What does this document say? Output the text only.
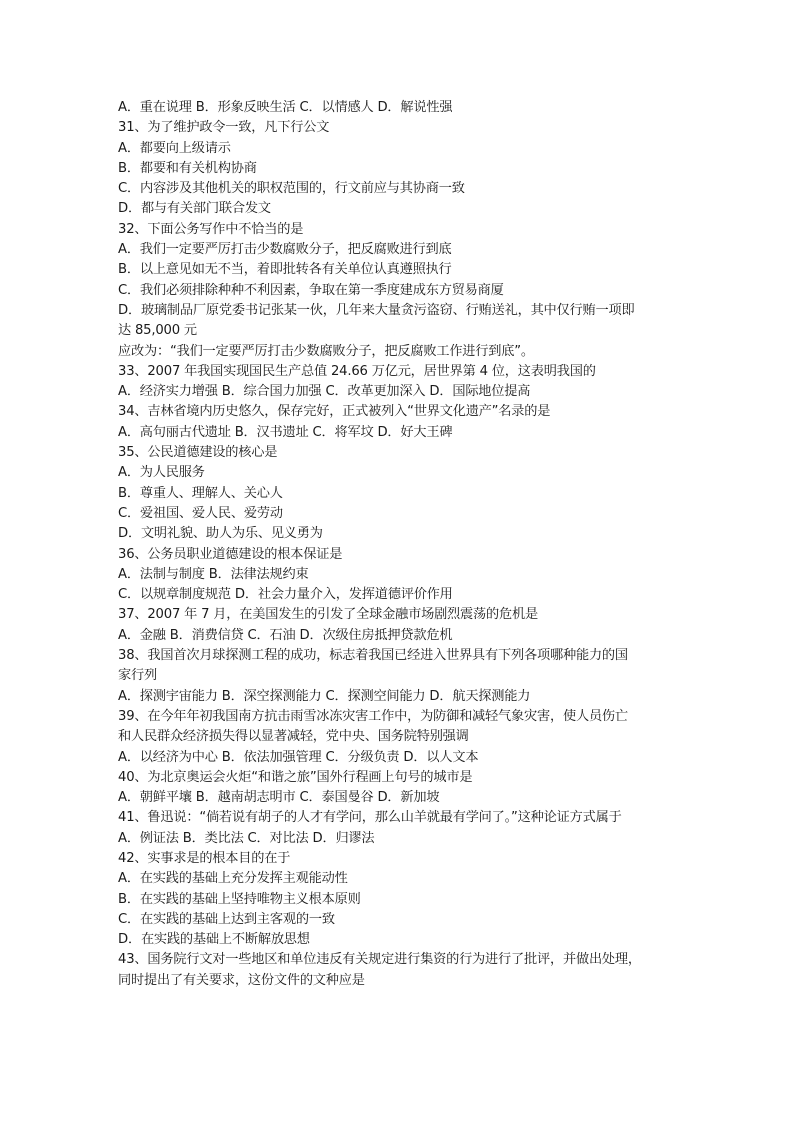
A．重在说理 B．形象反映生活 C．以情感人 D．解说性强
31、为了维护政令一致，凡下行公文
A．都要向上级请示
B．都要和有关机构协商
C．内容涉及其他机关的职权范围的，行文前应与其协商一致
D．都与有关部门联合发文
32、下面公务写作中不恰当的是
A．我们一定要严厉打击少数腐败分子，把反腐败进行到底
B．以上意见如无不当，着即批转各有关单位认真遵照执行
C．我们必须排除种种不利因素，争取在第一季度建成东方贸易商厦
D．玻璃制品厂原党委书记张某一伙，几年来大量贪污盗窃、行贿送礼，其中仅行贿一项即
达 85,000 元
应改为：“我们一定要严厉打击少数腐败分子，把反腐败工作进行到底”。
33、2007 年我国实现国民生产总值 24.66 万亿元，居世界第 4 位，这表明我国的
A．经济实力增强 B．综合国力加强 C．改革更加深入 D．国际地位提高
34、吉林省境内历史悠久，保存完好，正式被列入“世界文化遗产”名录的是
A．高句丽古代遗址 B．汉书遗址 C．将军坟 D．好大王碑
35、公民道德建设的核心是
A．为人民服务
B．尊重人、理解人、关心人
C．爱祖国、爱人民、爱劳动
D．文明礼貌、助人为乐、见义勇为
36、公务员职业道德建设的根本保证是
A．法制与制度 B．法律法规约束
C．以规章制度规范 D．社会力量介入，发挥道德评价作用
37、2007 年 7 月，在美国发生的引发了全球金融市场剧烈震荡的危机是
A．金融 B．消费信贷 C．石油 D．次级住房抵押贷款危机
38、我国首次月球探测工程的成功，标志着我国已经进入世界具有下列各项哪种能力的国
家行列
A．探测宇宙能力 B．深空探测能力 C．探测空间能力 D．航天探测能力
39、在今年年初我国南方抗击雨雪冰冻灾害工作中，为防御和减轻气象灾害，使人员伤亡
和人民群众经济损失得以显著减轻，党中央、国务院特别强调
A．以经济为中心 B．依法加强管理 C．分级负责 D．以人文本
40、为北京奥运会火炬“和谐之旅”国外行程画上句号的城市是
A．朝鲜平壤 B．越南胡志明市 C．泰国曼谷 D．新加坡
41、鲁迅说：“倘若说有胡子的人才有学问，那么山羊就最有学问了。”这种论证方式属于
A．例证法 B．类比法 C．对比法 D．归谬法
42、实事求是的根本目的在于
A．在实践的基础上充分发挥主观能动性
B．在实践的基础上坚持唯物主义根本原则
C．在实践的基础上达到主客观的一致
D．在实践的基础上不断解放思想
43、国务院行文对一些地区和单位违反有关规定进行集资的行为进行了批评，并做出处理，
同时提出了有关要求，这份文件的文种应是
